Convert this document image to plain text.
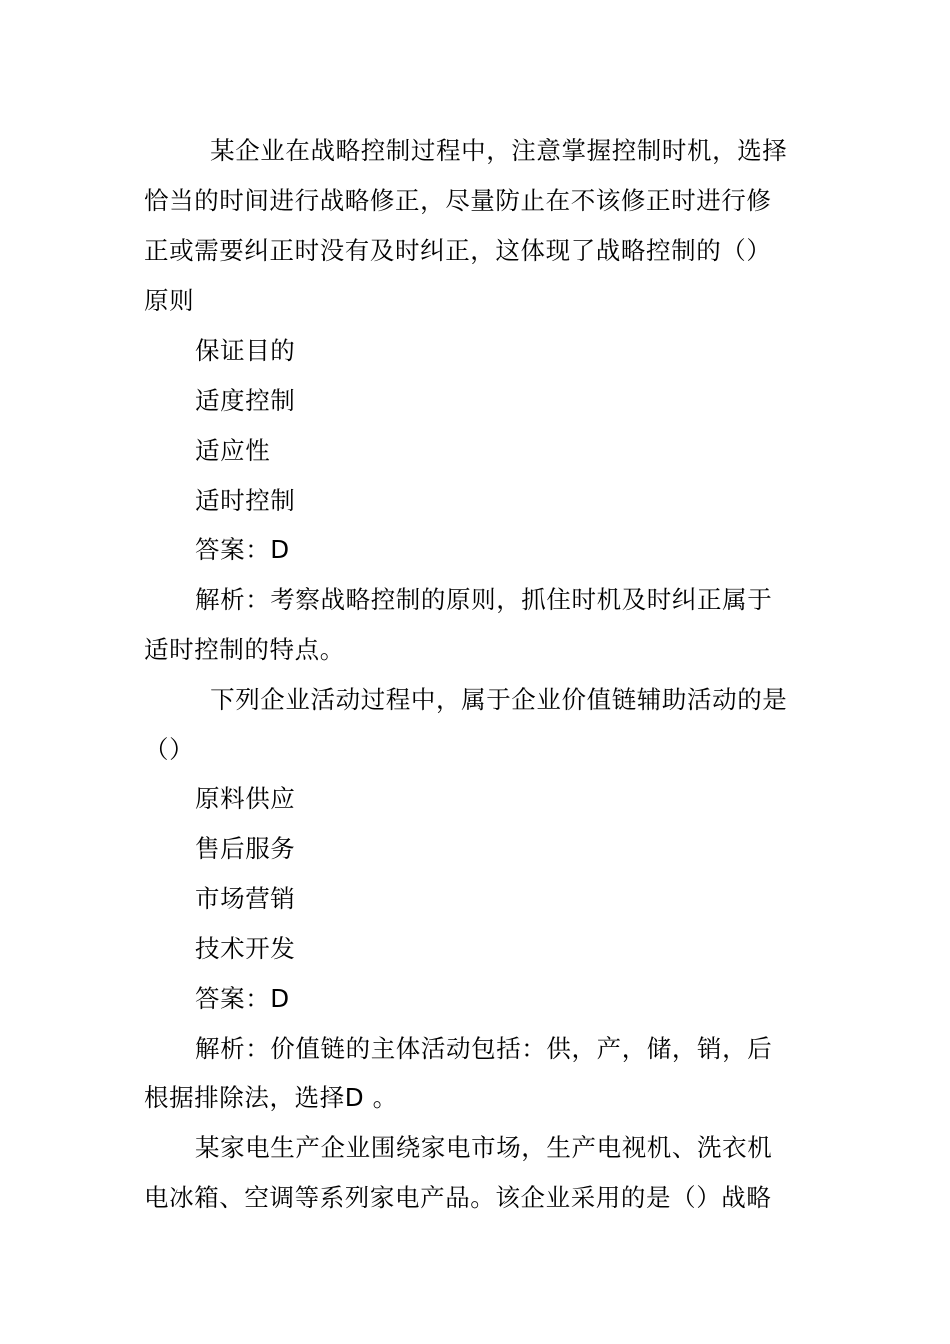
　某企业在战略控制过程中，注意掌握控制时机，选择
恰当的时间进行战略修正，尽量防止在不该修正时进行修
正或需要纠正时没有及时纠正，这体现了战略控制的（）
原则
保证目的
适度控制
适应性
适时控制
答案：D
解析：考察战略控制的原则，抓住时机及时纠正属于
适时控制的特点。
　下列企业活动过程中，属于企业价值链辅助活动的是
（）
原料供应
售后服务
市场营销
技术开发
答案：D
解析：价值链的主体活动包括：供，产，储，销，后
根据排除法，选择D 。
某家电生产企业围绕家电市场，生产电视机、洗衣机
电冰箱、空调等系列家电产品。该企业采用的是（）战略
